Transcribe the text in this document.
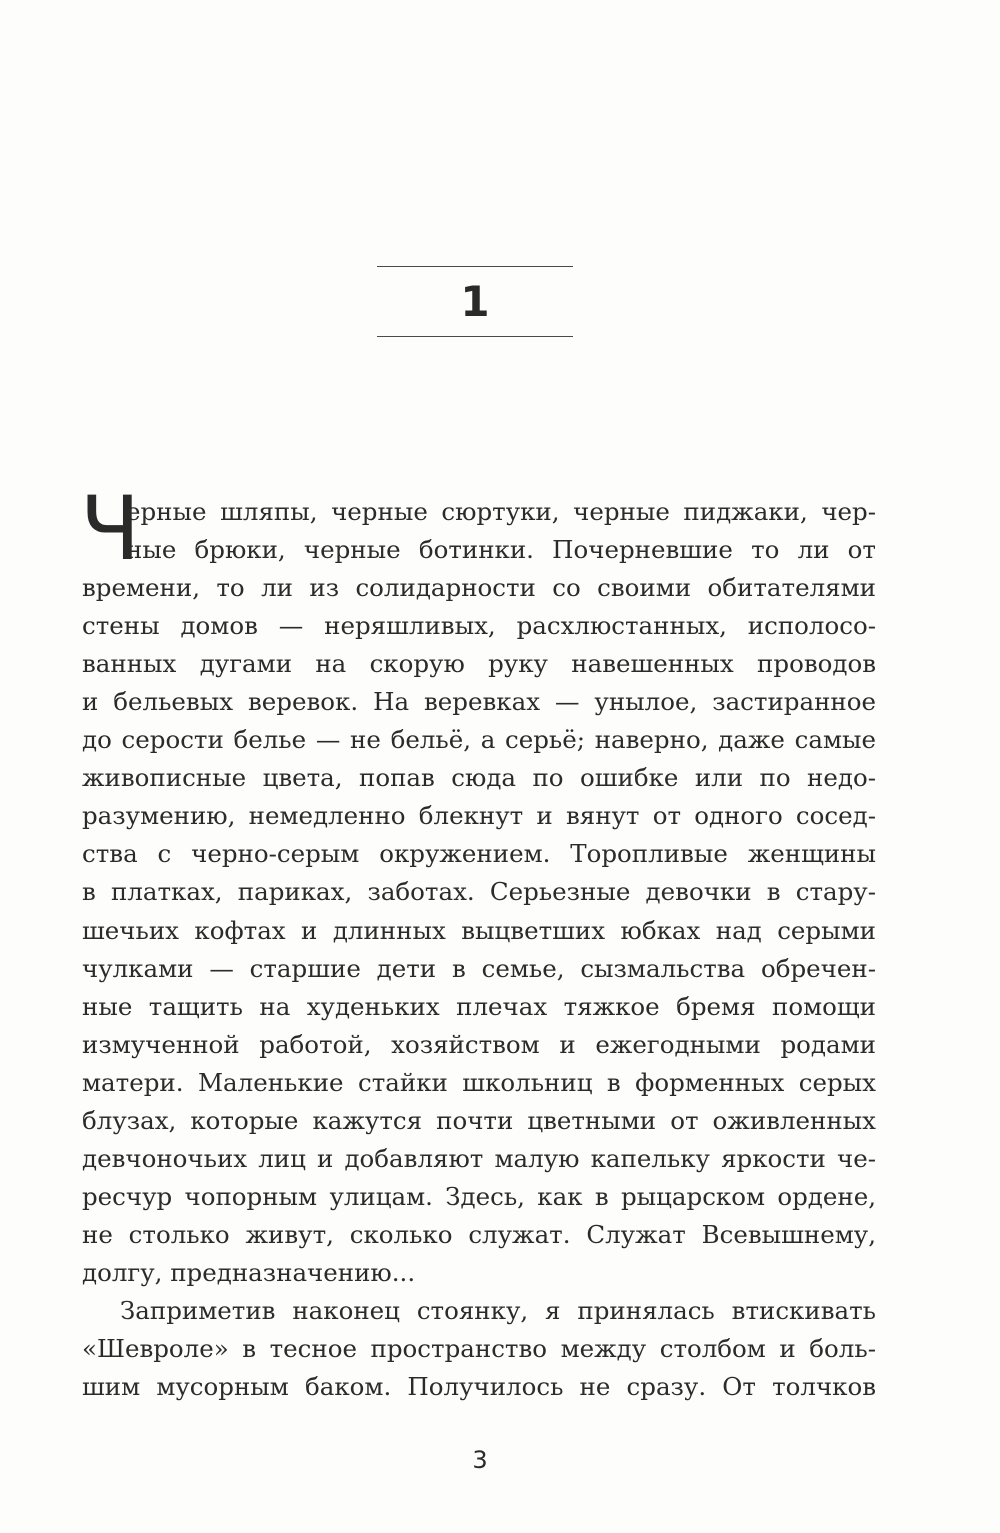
1
Ч
ерные шляпы, черные сюртуки, черные пиджаки, чер-
ные брюки, черные ботинки. Почерневшие то ли от
времени, то ли из солидарности со своими обитателями
стены домов — неряшливых, расхлюстанных, исполосо-
ванных дугами на скорую руку навешенных проводов
и бельевых веревок. На веревках — унылое, застиранное
до серости белье — не бельё, а серьё; наверно, даже самые
живописные цвета, попав сюда по ошибке или по недо-
разумению, немедленно блекнут и вянут от одного сосед-
ства с черно-серым окружением. Торопливые женщины
в платках, париках, заботах. Серьезные девочки в стару-
шечьих кофтах и длинных выцветших юбках над серыми
чулками — старшие дети в семье, сызмальства обречен-
ные тащить на худеньких плечах тяжкое бремя помощи
измученной работой, хозяйством и ежегодными родами
матери. Маленькие стайки школьниц в форменных серых
блузах, которые кажутся почти цветными от оживленных
девчоночьих лиц и добавляют малую капельку яркости че-
ресчур чопорным улицам. Здесь, как в рыцарском ордене,
не столько живут, сколько служат. Служат Всевышнему,
долгу, предназначению...
Заприметив наконец стоянку, я принялась втискивать
«Шевроле» в тесное пространство между столбом и боль-
шим мусорным баком. Получилось не сразу. От толчков
3
